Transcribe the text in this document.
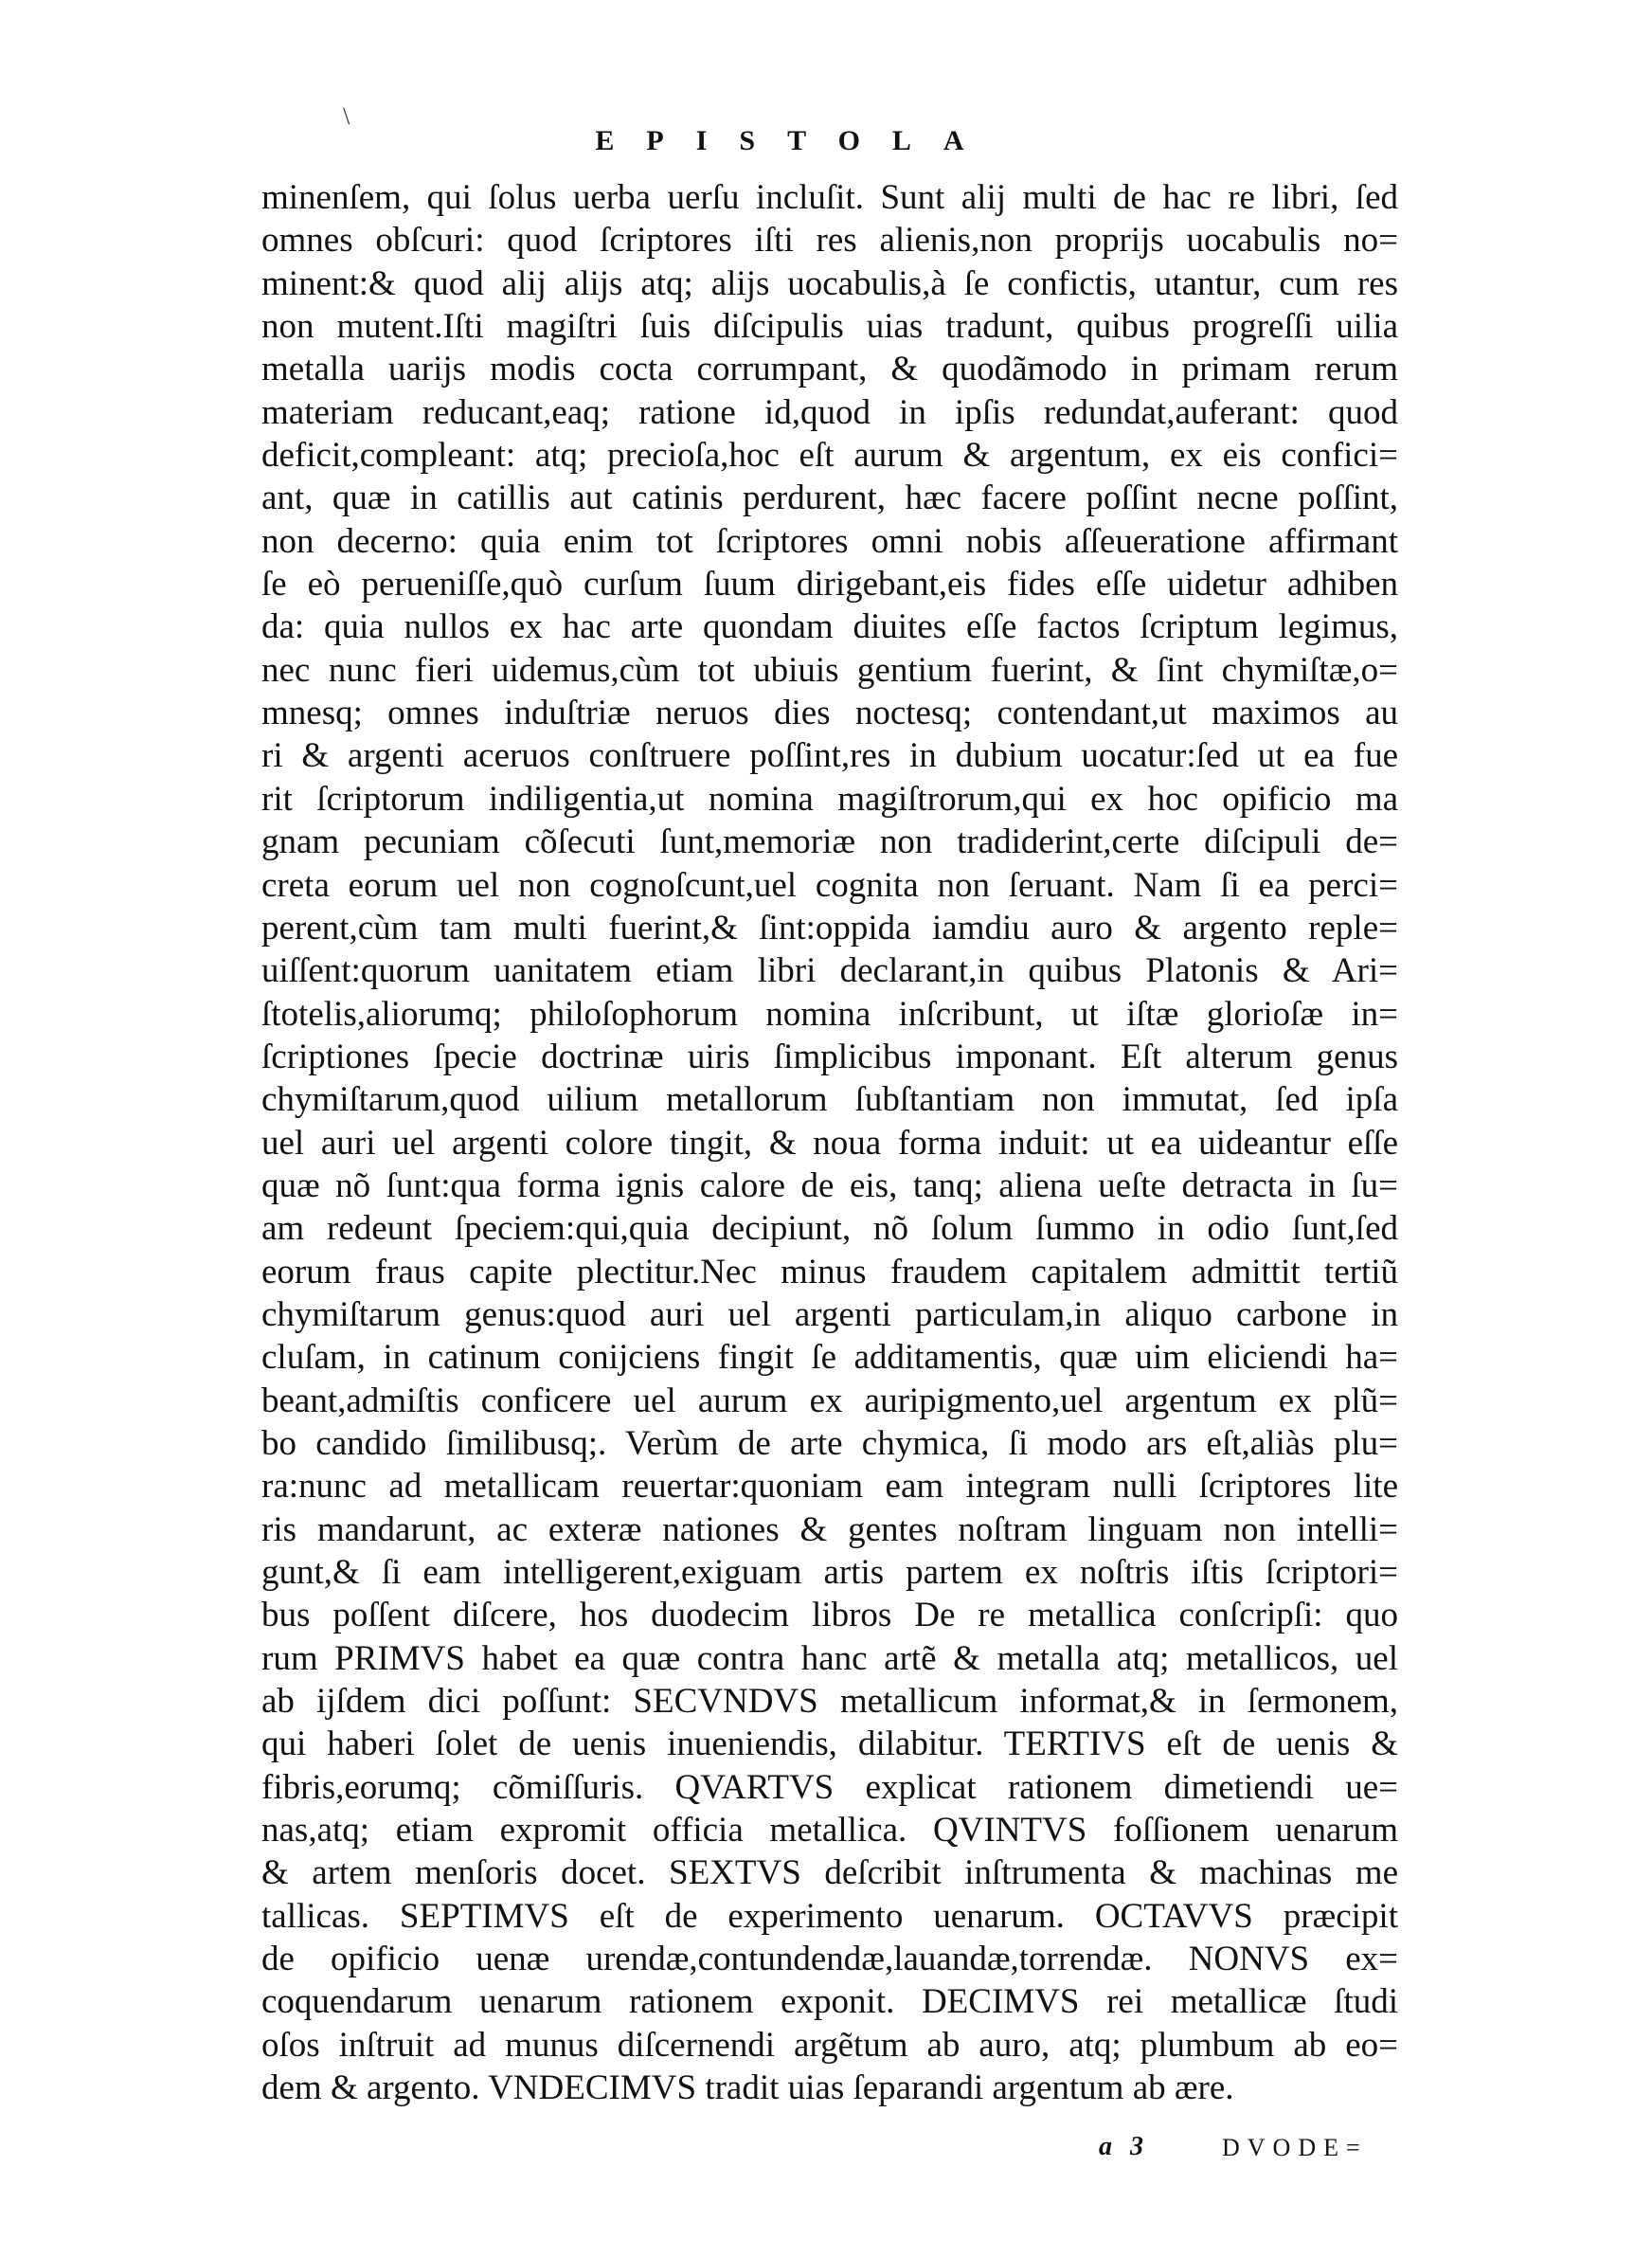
\
EPISTOLA
minenſem, qui ſolus uerba uerſu incluſit. Sunt alij multi de hac re libri, ſed
omnes obſcuri: quod ſcriptores iſti res alienis,non proprijs uocabulis no=
minent:& quod alij alijs atq; alijs uocabulis,à ſe confictis, utantur, cum res
non mutent.Iſti magiſtri ſuis diſcipulis uias tradunt, quibus progreſſi uilia
metalla uarijs modis cocta corrumpant, & quodãmodo in primam rerum
materiam reducant,eaq; ratione id,quod in ipſis redundat,auferant: quod
deficit,compleant: atq; precioſa,hoc eſt aurum & argentum, ex eis confici=
ant, quæ in catillis aut catinis perdurent, hæc facere poſſint necne poſſint,
non decerno: quia enim tot ſcriptores omni nobis aſſeueratione affirmant
ſe eò perueniſſe,quò curſum ſuum dirigebant,eis fides eſſe uidetur adhiben
da: quia nullos ex hac arte quondam diuites eſſe factos ſcriptum legimus,
nec nunc fieri uidemus,cùm tot ubiuis gentium fuerint, & ſint chymiſtæ,o=
mnesq; omnes induſtriæ neruos dies noctesq; contendant,ut maximos au
ri & argenti aceruos conſtruere poſſint,res in dubium uocatur:ſed ut ea fue
rit ſcriptorum indiligentia,ut nomina magiſtrorum,qui ex hoc opificio ma
gnam pecuniam cõſecuti ſunt,memoriæ non tradiderint,certe diſcipuli de=
creta eorum uel non cognoſcunt,uel cognita non ſeruant. Nam ſi ea perci=
perent,cùm tam multi fuerint,& ſint:oppida iamdiu auro & argento reple=
uiſſent:quorum uanitatem etiam libri declarant,in quibus Platonis & Ari=
ſtotelis,aliorumq; philoſophorum nomina inſcribunt, ut iſtæ glorioſæ in=
ſcriptiones ſpecie doctrinæ uiris ſimplicibus imponant. Eſt alterum genus
chymiſtarum,quod uilium metallorum ſubſtantiam non immutat, ſed ipſa
uel auri uel argenti colore tingit, & noua forma induit: ut ea uideantur eſſe
quæ nõ ſunt:qua forma ignis calore de eis, tanq; aliena ueſte detracta in ſu=
am redeunt ſpeciem:qui,quia decipiunt, nõ ſolum ſummo in odio ſunt,ſed
eorum fraus capite plectitur.Nec minus fraudem capitalem admittit tertiũ
chymiſtarum genus:quod auri uel argenti particulam,in aliquo carbone in
cluſam, in catinum conijciens fingit ſe additamentis, quæ uim eliciendi ha=
beant,admiſtis conficere uel aurum ex auripigmento,uel argentum ex plũ=
bo candido ſimilibusq;. Verùm de arte chymica, ſi modo ars eſt,aliàs plu=
ra:nunc ad metallicam reuertar:quoniam eam integram nulli ſcriptores lite
ris mandarunt, ac exteræ nationes & gentes noſtram linguam non intelli=
gunt,& ſi eam intelligerent,exiguam artis partem ex noſtris iſtis ſcriptori=
bus poſſent diſcere, hos duodecim libros De re metallica conſcripſi: quo
rum PRIMVS habet ea quæ contra hanc artẽ & metalla atq; metallicos, uel
ab ijſdem dici poſſunt: SECVNDVS metallicum informat,& in ſermonem,
qui haberi ſolet de uenis inueniendis, dilabitur. TERTIVS eſt de uenis &
fibris,eorumq; cõmiſſuris. QVARTVS explicat rationem dimetiendi ue=
nas,atq; etiam expromit officia metallica. QVINTVS foſſionem uenarum
& artem menſoris docet. SEXTVS deſcribit inſtrumenta & machinas me
tallicas. SEPTIMVS eſt de experimento uenarum. OCTAVVS præcipit
de opificio uenæ urendæ,contundendæ,lauandæ,torrendæ. NONVS ex=
coquendarum uenarum rationem exponit. DECIMVS rei metallicæ ſtudi
oſos inſtruit ad munus diſcernendi argẽtum ab auro, atq; plumbum ab eo=
dem & argento. VNDECIMVS tradit uias ſeparandi argentum ab ære.
a 3	DVODE=
